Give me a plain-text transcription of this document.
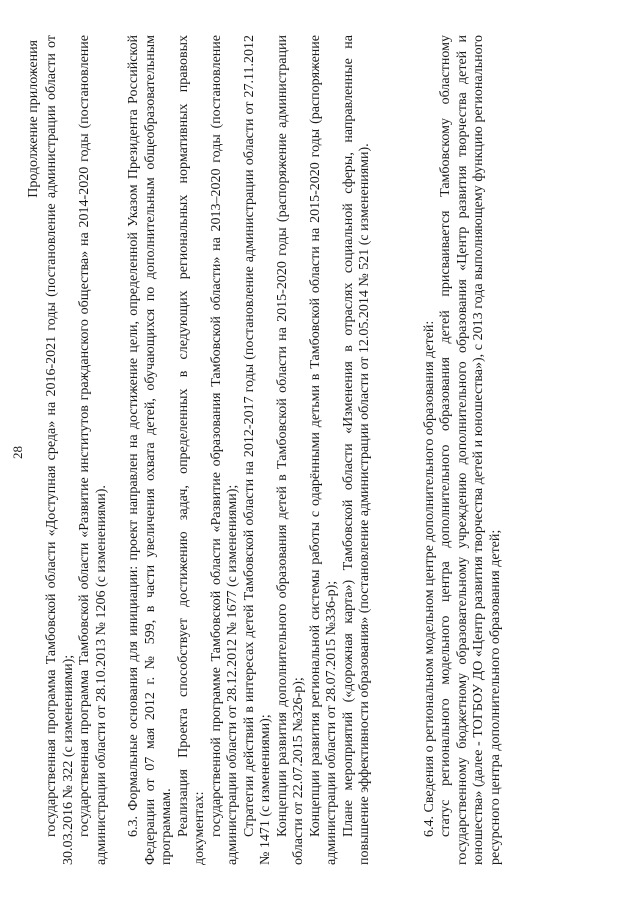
28
Продолжение приложения государственная программа Тамбовской области «Доступная среда» на 2016-2021 годы (постановление администрации области от 30.03.2016 № 322 (с изменениями); государственная программа Тамбовской области «Развитие институтов гражданского общества» на 2014-2020 годы (постановление администрации области от 28.10.2013 № 1206 (с изменениями). 6.3. Формальные основания для инициации: проект направлен на достижение цели, определенной Указом Президента Российской Федерации от 07 мая 2012 г. № 599, в части увеличения охвата детей, обучающихся по дополнительным общеобразовательным программам. Реализация Проекта способствует достижению задач, определенных в следующих региональных нормативных правовых документах: государственной программе Тамбовской области «Развитие образования Тамбовской области» на 2013–2020 годы (постановление администрации области от 28.12.2012 № 1677 (с изменениями); Стратегии действий в интересах детей Тамбовской области на 2012-2017 годы (постановление администрации области от 27.11.2012 № 1471 (с изменениями); Концепции развития дополнительного образования детей в Тамбовской области на 2015-2020 годы (распоряжение администрации области от 22.07.2015 №326-р); Концепции развития региональной системы работы с одарёнными детьми в Тамбовской области на 2015-2020 годы (распоряжение администрации области от 28.07.2015 №336-р); Плане мероприятий («дорожная карта») Тамбовской области «Изменения в отраслях социальной сферы, направленные на повышение эффективности образования» (постановление администрации области от 12.05.2014 № 521 (с изменениями).	6.4. Сведения о региональном модельном центре дополнительного образования детей: статус регионального модельного центра дополнительного образования детей присваивается Тамбовскому областному государственному бюджетному образовательному учреждению дополнительного образования «Центр развития творчества детей и юношества» (далее - ТОГБОУ ДО «Центр развития творчества детей и юношества»), с 2013 года выполняющему функцию регионального ресурсного центра дополнительного образования детей;
